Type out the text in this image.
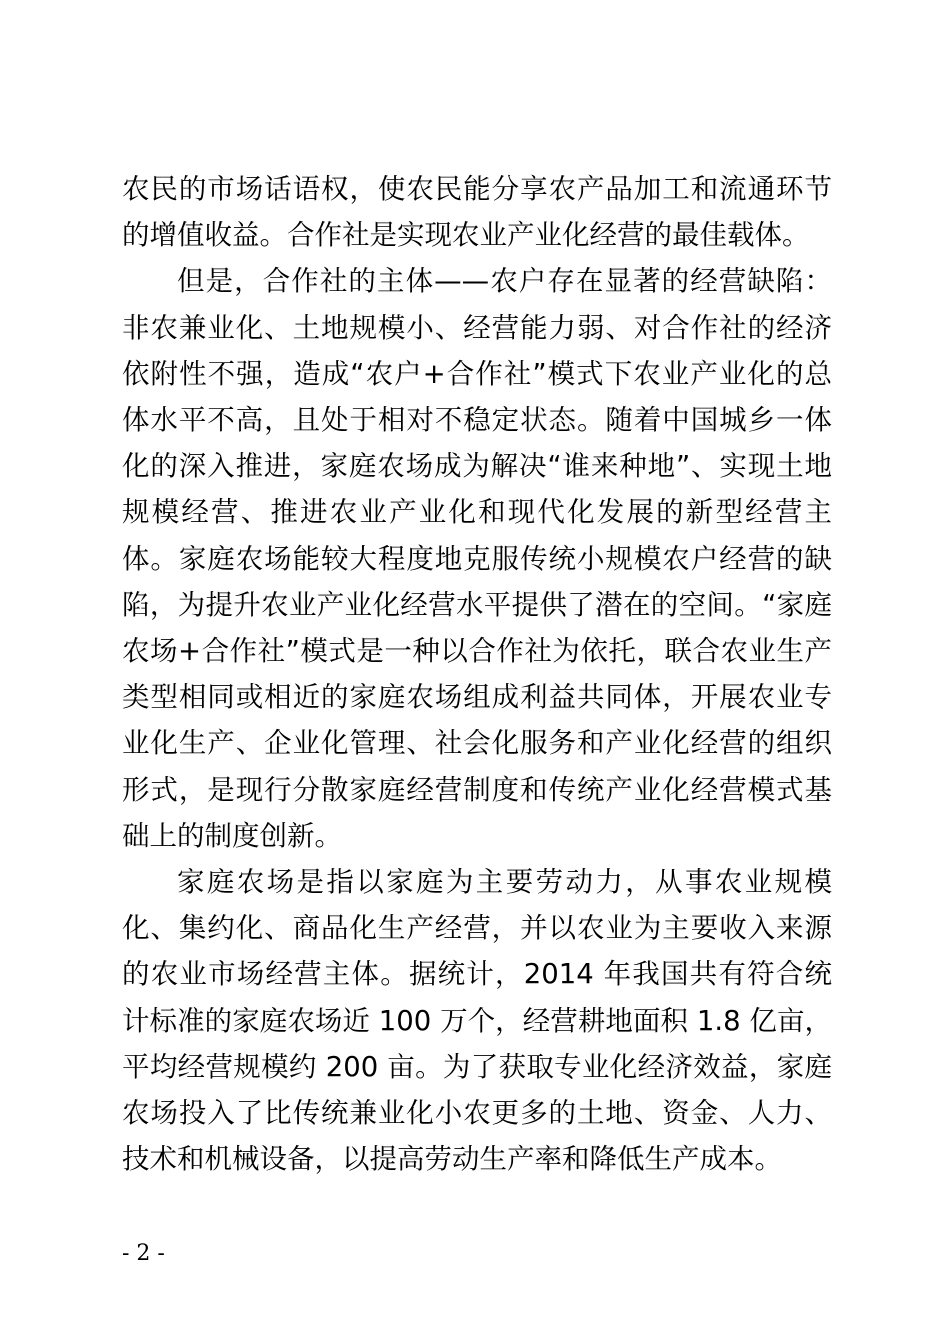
农民的市场话语权，使农民能分享农产品加工和流通环节的增值收益。合作社是实现农业产业化经营的最佳载体。

但是，合作社的主体——农户存在显著的经营缺陷：非农兼业化、土地规模小、经营能力弱、对合作社的经济依附性不强，造成“农户+合作社”模式下农业产业化的总体水平不高，且处于相对不稳定状态。随着中国城乡一体化的深入推进，家庭农场成为解决“谁来种地”、实现土地规模经营、推进农业产业化和现代化发展的新型经营主体。家庭农场能较大程度地克服传统小规模农户经营的缺陷，为提升农业产业化经营水平提供了潜在的空间。“家庭农场+合作社”模式是一种以合作社为依托，联合农业生产类型相同或相近的家庭农场组成利益共同体，开展农业专业化生产、企业化管理、社会化服务和产业化经营的组织形式，是现行分散家庭经营制度和传统产业化经营模式基础上的制度创新。

家庭农场是指以家庭为主要劳动力，从事农业规模化、集约化、商品化生产经营，并以农业为主要收入来源的农业市场经营主体。据统计，2014 年我国共有符合统计标准的家庭农场近 100 万个，经营耕地面积 1.8 亿亩，平均经营规模约 200 亩。为了获取专业化经济效益，家庭农场投入了比传统兼业化小农更多的土地、资金、人力、技术和机械设备，以提高劳动生产率和降低生产成本。

- 2 -
